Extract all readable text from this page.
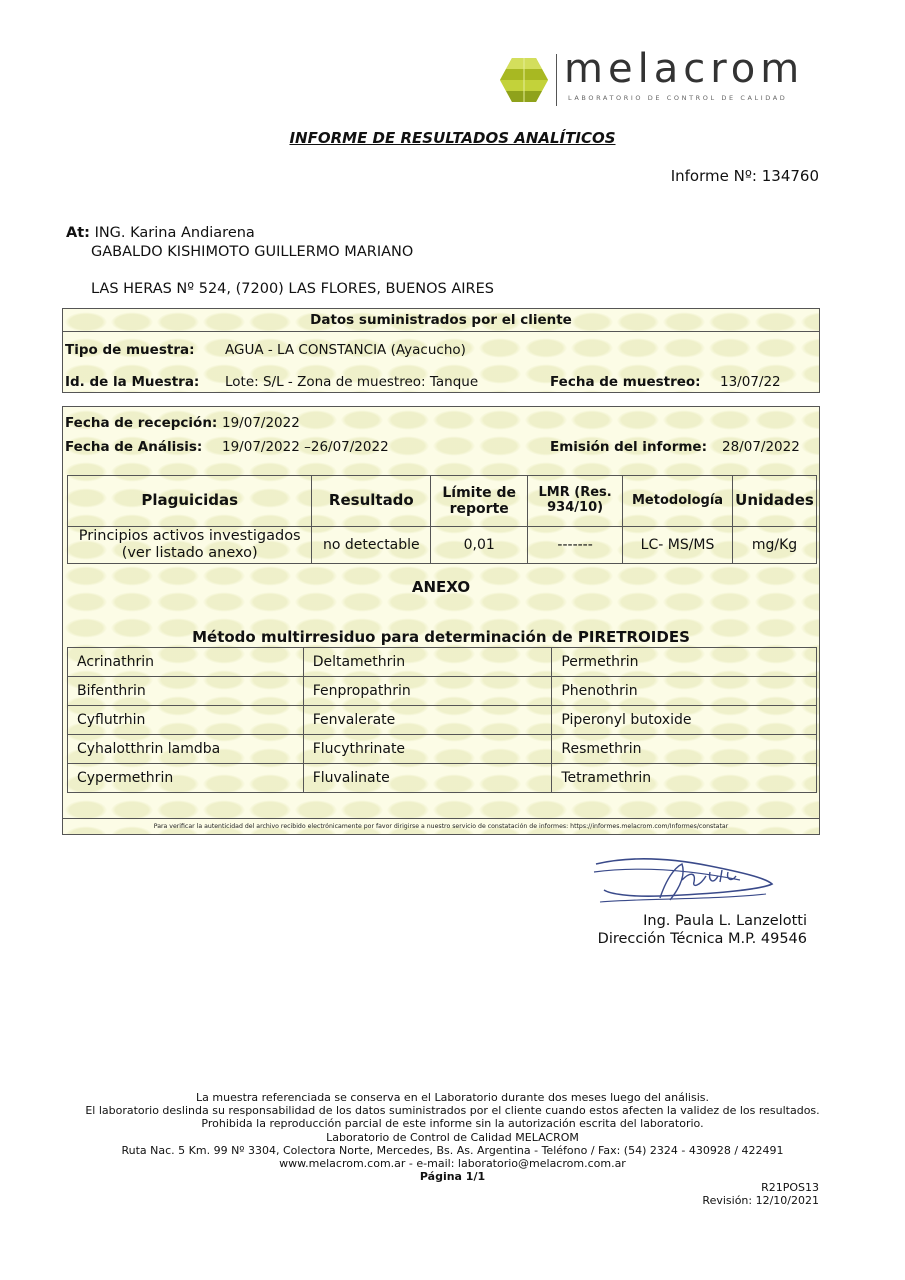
melacrom
LABORATORIO DE CONTROL DE CALIDAD
INFORME DE RESULTADOS ANALÍTICOS
Informe Nº: 134760
At: ING. Karina Andiarena
GABALDO KISHIMOTO GUILLERMO MARIANO
LAS HERAS Nº 524, (7200) LAS FLORES, BUENOS AIRES
Datos suministrados por el cliente
Tipo de muestra: AGUA - LA CONSTANCIA (Ayacucho)
Id. de la Muestra: Lote: S/L - Zona de muestreo: Tanque	Fecha de muestreo: 13/07/22
Fecha de recepción: 19/07/2022
Fecha de Análisis: 19/07/2022 –26/07/2022	Emisión del informe: 28/07/2022
Plaguicidas	Resultado	Límite de reporte	LMR (Res. 934/10)	Metodología	Unidades
Principios activos investigados (ver listado anexo)	no detectable	0,01	-------	LC- MS/MS	mg/Kg
ANEXO
Método multirresiduo para determinación de PIRETROIDES
Acrinathrin	Deltamethrin	Permethrin
Bifenthrin	Fenpropathrin	Phenothrin
Cyflutrhin	Fenvalerate	Piperonyl butoxide
Cyhalotthrin lamdba	Flucythrinate	Resmethrin
Cypermethrin	Fluvalinate	Tetramethrin
Para verificar la autenticidad del archivo recibido electrónicamente por favor dirigirse a nuestro servicio de constatación de informes: https://informes.melacrom.com/Informes/constatar
Ing. Paula L. Lanzelotti
Dirección Técnica M.P. 49546
La muestra referenciada se conserva en el Laboratorio durante dos meses luego del análisis.
El laboratorio deslinda su responsabilidad de los datos suministrados por el cliente cuando estos afecten la validez de los resultados.
Prohibida la reproducción parcial de este informe sin la autorización escrita del laboratorio.
Laboratorio de Control de Calidad MELACROM
Ruta Nac. 5 Km. 99 Nº 3304, Colectora Norte, Mercedes, Bs. As. Argentina - Teléfono / Fax: (54) 2324 - 430928 / 422491
www.melacrom.com.ar - e-mail: laboratorio@melacrom.com.ar
Página 1/1
R21POS13
Revisión: 12/10/2021
